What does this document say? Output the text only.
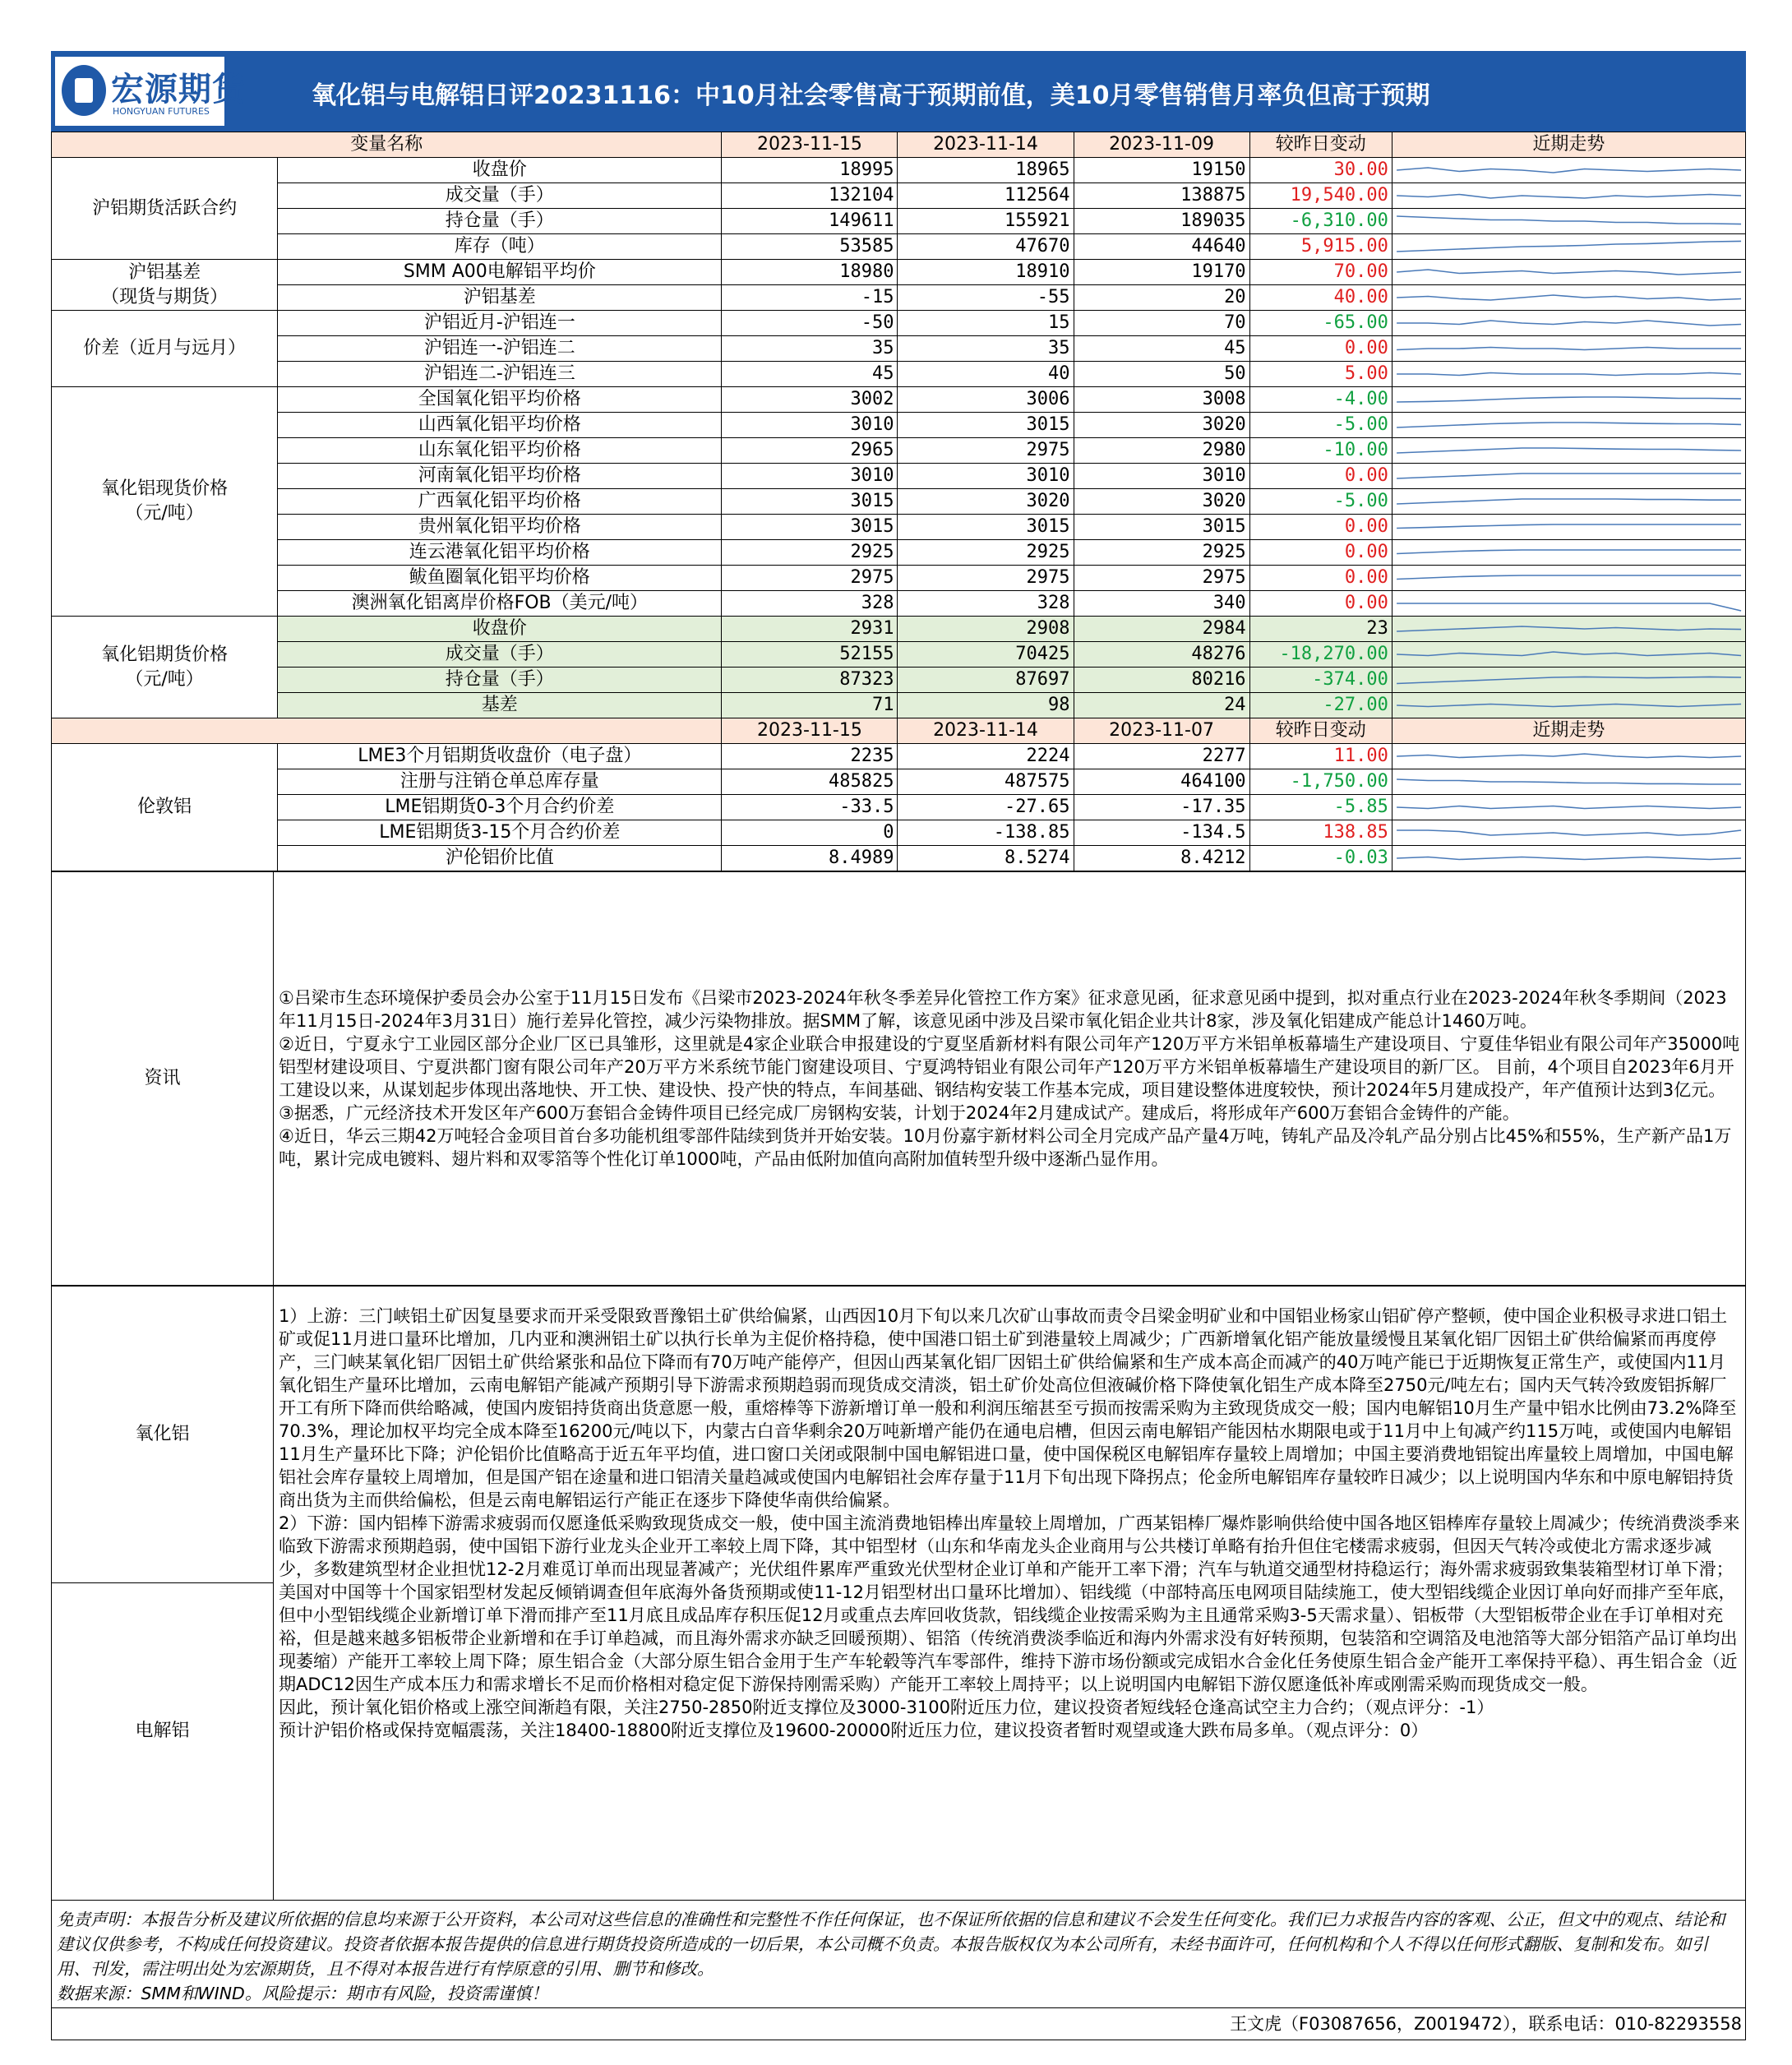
宏源期货
HONGYUAN FUTURES
氧化铝与电解铝日评20231116：中10月社会零售高于预期前值，美10月零售销售月率负但高于预期
变量名称		2023-11-15	2023-11-14	2023-11-09	较昨日变动	近期走势
沪铝期货活跃合约	收盘价	18995	18965	19150	30.00	

	成交量（手）	132104	112564	138875	19,540.00	

	持仓量（手）	149611	155921	189035	-6,310.00	

	库存（吨）	53585	47670	44640	5,915.00	

沪铝基差
（现货与期货）	SMM A00电解铝平均价	18980	18910	19170	70.00	

	沪铝基差	-15	-55	20	40.00	

价差（近月与远月）	沪铝近月-沪铝连一	-50	15	70	-65.00	

	沪铝连一-沪铝连二	35	35	45	0.00	

	沪铝连二-沪铝连三	45	40	50	5.00	

氧化铝现货价格
（元/吨）	全国氧化铝平均价格	3002	3006	3008	-4.00	

	山西氧化铝平均价格	3010	3015	3020	-5.00	

	山东氧化铝平均价格	2965	2975	2980	-10.00	

	河南氧化铝平均价格	3010	3010	3010	0.00	

	广西氧化铝平均价格	3015	3020	3020	-5.00	

	贵州氧化铝平均价格	3015	3015	3015	0.00	

	连云港氧化铝平均价格	2925	2925	2925	0.00	

	鲅鱼圈氧化铝平均价格	2975	2975	2975	0.00	

	澳洲氧化铝离岸价格FOB（美元/吨）	328	328	340	0.00	

氧化铝期货价格
（元/吨）	收盘价	2931	2908	2984	23	

	成交量（手）	52155	70425	48276	-18,270.00	

	持仓量（手）	87323	87697	80216	-374.00	

	基差	71	98	24	-27.00	

		2023-11-15	2023-11-14	2023-11-07	较昨日变动	近期走势
伦敦铝	LME3个月铝期货收盘价（电子盘）	2235	2224	2277	11.00	

	注册与注销仓单总库存量	485825	487575	464100	-1,750.00	

	LME铝期货0-3个月合约价差	-33.5	-27.65	-17.35	-5.85	

	LME铝期货3-15个月合约价差	0	-138.85	-134.5	138.85	

	沪伦铝价比值	8.4989	8.5274	8.4212	-0.03	
资讯	

①吕梁市生态环境保护委员会办公室于11月15日发布《吕梁市2023-2024年秋冬季差异化管控工作方案》征求意见函，征求意见函中提到，拟对重点行业在2023-2024年秋冬季期间（2023年11月15日-2024年3月31日）施行差异化管控，减少污染物排放。据SMM了解，该意见函中涉及吕梁市氧化铝企业共计8家，涉及氧化铝建成产能总计1460万吨。

②近日，宁夏永宁工业园区部分企业厂区已具雏形，这里就是4家企业联合申报建设的宁夏坚盾新材料有限公司年产120万平方米铝单板幕墙生产建设项目、宁夏佳华铝业有限公司年产35000吨铝型材建设项目、宁夏洪都门窗有限公司年产20万平方米系统节能门窗建设项目、宁夏鸿特铝业有限公司年产120万平方米铝单板幕墙生产建设项目的新厂区。 目前，4个项目自2023年6月开工建设以来，从谋划起步体现出落地快、开工快、建设快、投产快的特点，车间基础、钢结构安装工作基本完成，项目建设整体进度较快，预计2024年5月建成投产，年产值预计达到3亿元。

③据悉，广元经济技术开发区年产600万套铝合金铸件项目已经完成厂房钢构安装，计划于2024年2月建成试产。建成后，将形成年产600万套铝合金铸件的产能。

④近日，华云三期42万吨轻合金项目首台多功能机组零部件陆续到货并开始安装。10月份嘉宇新材料公司全月完成产品产量4万吨，铸轧产品及冷轧产品分别占比45%和55%，生产新产品1万吨，累计完成电镀料、翅片料和双零箔等个性化订单1000吨，产品由低附加值向高附加值转型升级中逐渐凸显作用。

氧化铝
电解铝

1）上游：三门峡铝土矿因复垦要求而开采受限致晋豫铝土矿供给偏紧，山西因10月下旬以来几次矿山事故而责令吕梁金明矿业和中国铝业杨家山铝矿停产整顿，使中国企业积极寻求进口铝土矿或促11月进口量环比增加，几内亚和澳洲铝土矿以执行长单为主促价格持稳，使中国港口铝土矿到港量较上周减少；广西新增氧化铝产能放量缓慢且某氧化铝厂因铝土矿供给偏紧而再度停产，三门峡某氧化铝厂因铝土矿供给紧张和品位下降而有70万吨产能停产，但因山西某氧化铝厂因铝土矿供给偏紧和生产成本高企而减产的40万吨产能已于近期恢复正常生产，或使国内11月氧化铝生产量环比增加，云南电解铝产能减产预期引导下游需求预期趋弱而现货成交清淡，铝土矿价处高位但液碱价格下降使氧化铝生产成本降至2750元/吨左右；国内天气转冷致废铝拆解厂开工有所下降而供给略减，使国内废铝持货商出货意愿一般，重熔棒等下游新增订单一般和利润压缩甚至亏损而按需采购为主致现货成交一般；国内电解铝10月生产量中铝水比例由73.2%降至70.3%，理论加权平均完全成本降至16200元/吨以下，内蒙古白音华剩余20万吨新增产能仍在通电启槽，但因云南电解铝产能因枯水期限电或于11月中上旬减产约115万吨，或使国内电解铝11月生产量环比下降；沪伦铝价比值略高于近五年平均值，进口窗口关闭或限制中国电解铝进口量，使中国保税区电解铝库存量较上周增加；中国主要消费地铝锭出库量较上周增加，中国电解铝社会库存量较上周增加，但是国产铝在途量和进口铝清关量趋减或使国内电解铝社会库存量于11月下旬出现下降拐点；伦金所电解铝库存量较昨日减少；以上说明国内华东和中原电解铝持货商出货为主而供给偏松，但是云南电解铝运行产能正在逐步下降使华南供给偏紧。

2）下游：国内铝棒下游需求疲弱而仅愿逢低采购致现货成交一般，使中国主流消费地铝棒出库量较上周增加，广西某铝棒厂爆炸影响供给使中国各地区铝棒库存量较上周减少；传统消费淡季来临致下游需求预期趋弱，使中国铝下游行业龙头企业开工率较上周下降，其中铝型材（山东和华南龙头企业商用与公共楼订单略有抬升但住宅楼需求疲弱，但因天气转冷或使北方需求逐步减少，多数建筑型材企业担忧12-2月难觅订单而出现显著减产；光伏组件累库严重致光伏型材企业订单和产能开工率下滑；汽车与轨道交通型材持稳运行；海外需求疲弱致集装箱型材订单下滑；美国对中国等十个国家铝型材发起反倾销调查但年底海外备货预期或使11-12月铝型材出口量环比增加）、铝线缆（中部特高压电网项目陆续施工，使大型铝线缆企业因订单向好而排产至年底，但中小型铝线缆企业新增订单下滑而排产至11月底且成品库存积压促12月或重点去库回收货款，铝线缆企业按需采购为主且通常采购3-5天需求量）、铝板带（大型铝板带企业在手订单相对充裕，但是越来越多铝板带企业新增和在手订单趋减，而且海外需求亦缺乏回暖预期）、铝箔（传统消费淡季临近和海内外需求没有好转预期，包装箔和空调箔及电池箔等大部分铝箔产品订单均出现萎缩）产能开工率较上周下降；原生铝合金（大部分原生铝合金用于生产车轮毂等汽车零部件，维持下游市场份额或完成铝水合金化任务使原生铝合金产能开工率保持平稳）、再生铝合金（近期ADC12因生产成本压力和需求增长不足而价格相对稳定促下游保持刚需采购）产能开工率较上周持平；以上说明国内电解铝下游仅愿逢低补库或刚需采购而现货成交一般。

因此，预计氧化铝价格或上涨空间渐趋有限，关注2750-2850附近支撑位及3000-3100附近压力位，建议投资者短线轻仓逢高试空主力合约；（观点评分：-1）

预计沪铝价格或保持宽幅震荡，关注18400-18800附近支撑位及19600-20000附近压力位，建议投资者暂时观望或逢大跌布局多单。（观点评分：0）

免责声明：本报告分析及建议所依据的信息均来源于公开资料，本公司对这些信息的准确性和完整性不作任何保证，也不保证所依据的信息和建议不会发生任何变化。我们已力求报告内容的客观、公正，但文中的观点、结论和建议仅供参考，不构成任何投资建议。投资者依据本报告提供的信息进行期货投资所造成的一切后果，本公司概不负责。本报告版权仅为本公司所有，未经书面许可，任何机构和个人不得以任何形式翻版、复制和发布。如引用、刊发，需注明出处为宏源期货，且不得对本报告进行有悖原意的引用、删节和修改。
数据来源：SMM和WIND。风险提示：期市有风险，投资需谨慎！
王文虎（F03087656，Z0019472），联系电话：010-82293558
